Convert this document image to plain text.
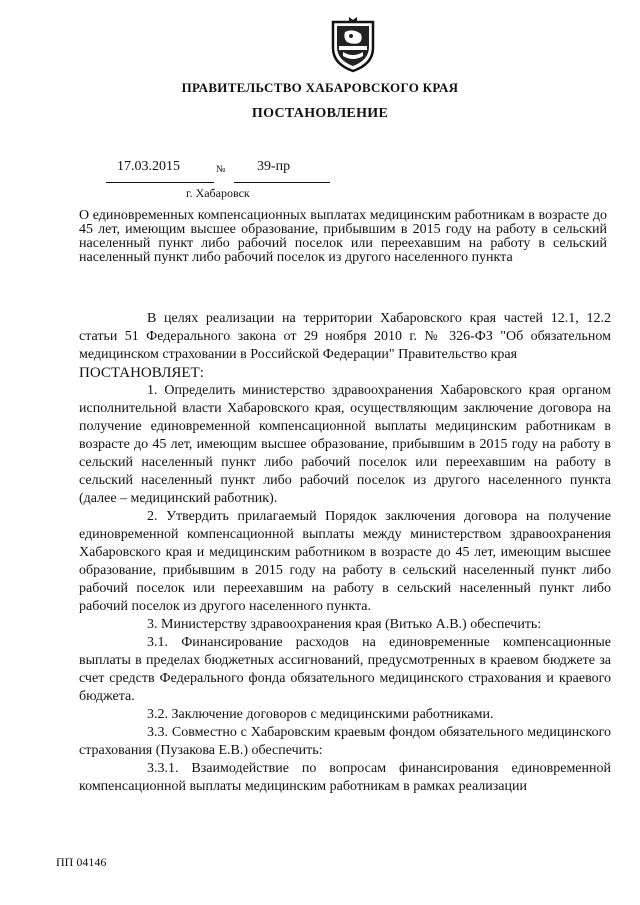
ПРАВИТЕЛЬСТВО ХАБАРОВСКОГО КРАЯ
ПОСТАНОВЛЕНИЕ
17.03.2015	№ 39-пр
г. Хабаровск
О единовременных компенсационных выплатах медицинским работникам в возрасте до 45 лет, имеющим высшее образование, прибывшим в 2015 году на работу в сельский населенный пункт либо рабочий поселок или переехавшим на работу в сельский населенный пункт либо рабочий поселок из другого населенного пункта

В целях реализации на территории Хабаровского края частей 12.1, 12.2 статьи 51 Федерального закона от 29 ноября 2010 г. № 326-ФЗ "Об обязательном медицинском страховании в Российской Федерации" Правительство края

ПОСТАНОВЛЯЕТ:

1. Определить министерство здравоохранения Хабаровского края органом исполнительной власти Хабаровского края, осуществляющим заключение договора на получение единовременной компенсационной выплаты медицинским работникам в возрасте до 45 лет, имеющим высшее образование, прибывшим в 2015 году на работу в сельский населенный пункт либо рабочий поселок или переехавшим на работу в сельский населенный пункт либо рабочий поселок из другого населенного пункта (далее – медицинский работник).

2. Утвердить прилагаемый Порядок заключения договора на получение единовременной компенсационной выплаты между министерством здравоохранения Хабаровского края и медицинским работником в возрасте до 45 лет, имеющим высшее образование, прибывшим в 2015 году на работу в сельский населенный пункт либо рабочий поселок или переехавшим на работу в сельский населенный пункт либо рабочий поселок из другого населенного пункта.

3. Министерству здравоохранения края (Витько А.В.) обеспечить:

3.1. Финансирование расходов на единовременные компенсационные выплаты в пределах бюджетных ассигнований, предусмотренных в краевом бюджете за счет средств Федерального фонда обязательного медицинского страхования и краевого бюджета.

3.2. Заключение договоров с медицинскими работниками.

3.3. Совместно с Хабаровским краевым фондом обязательного медицинского страхования (Пузакова Е.В.) обеспечить:

3.3.1. Взаимодействие по вопросам финансирования единовременной компенсационной выплаты медицинским работникам в рамках реализации

ПП 04146
